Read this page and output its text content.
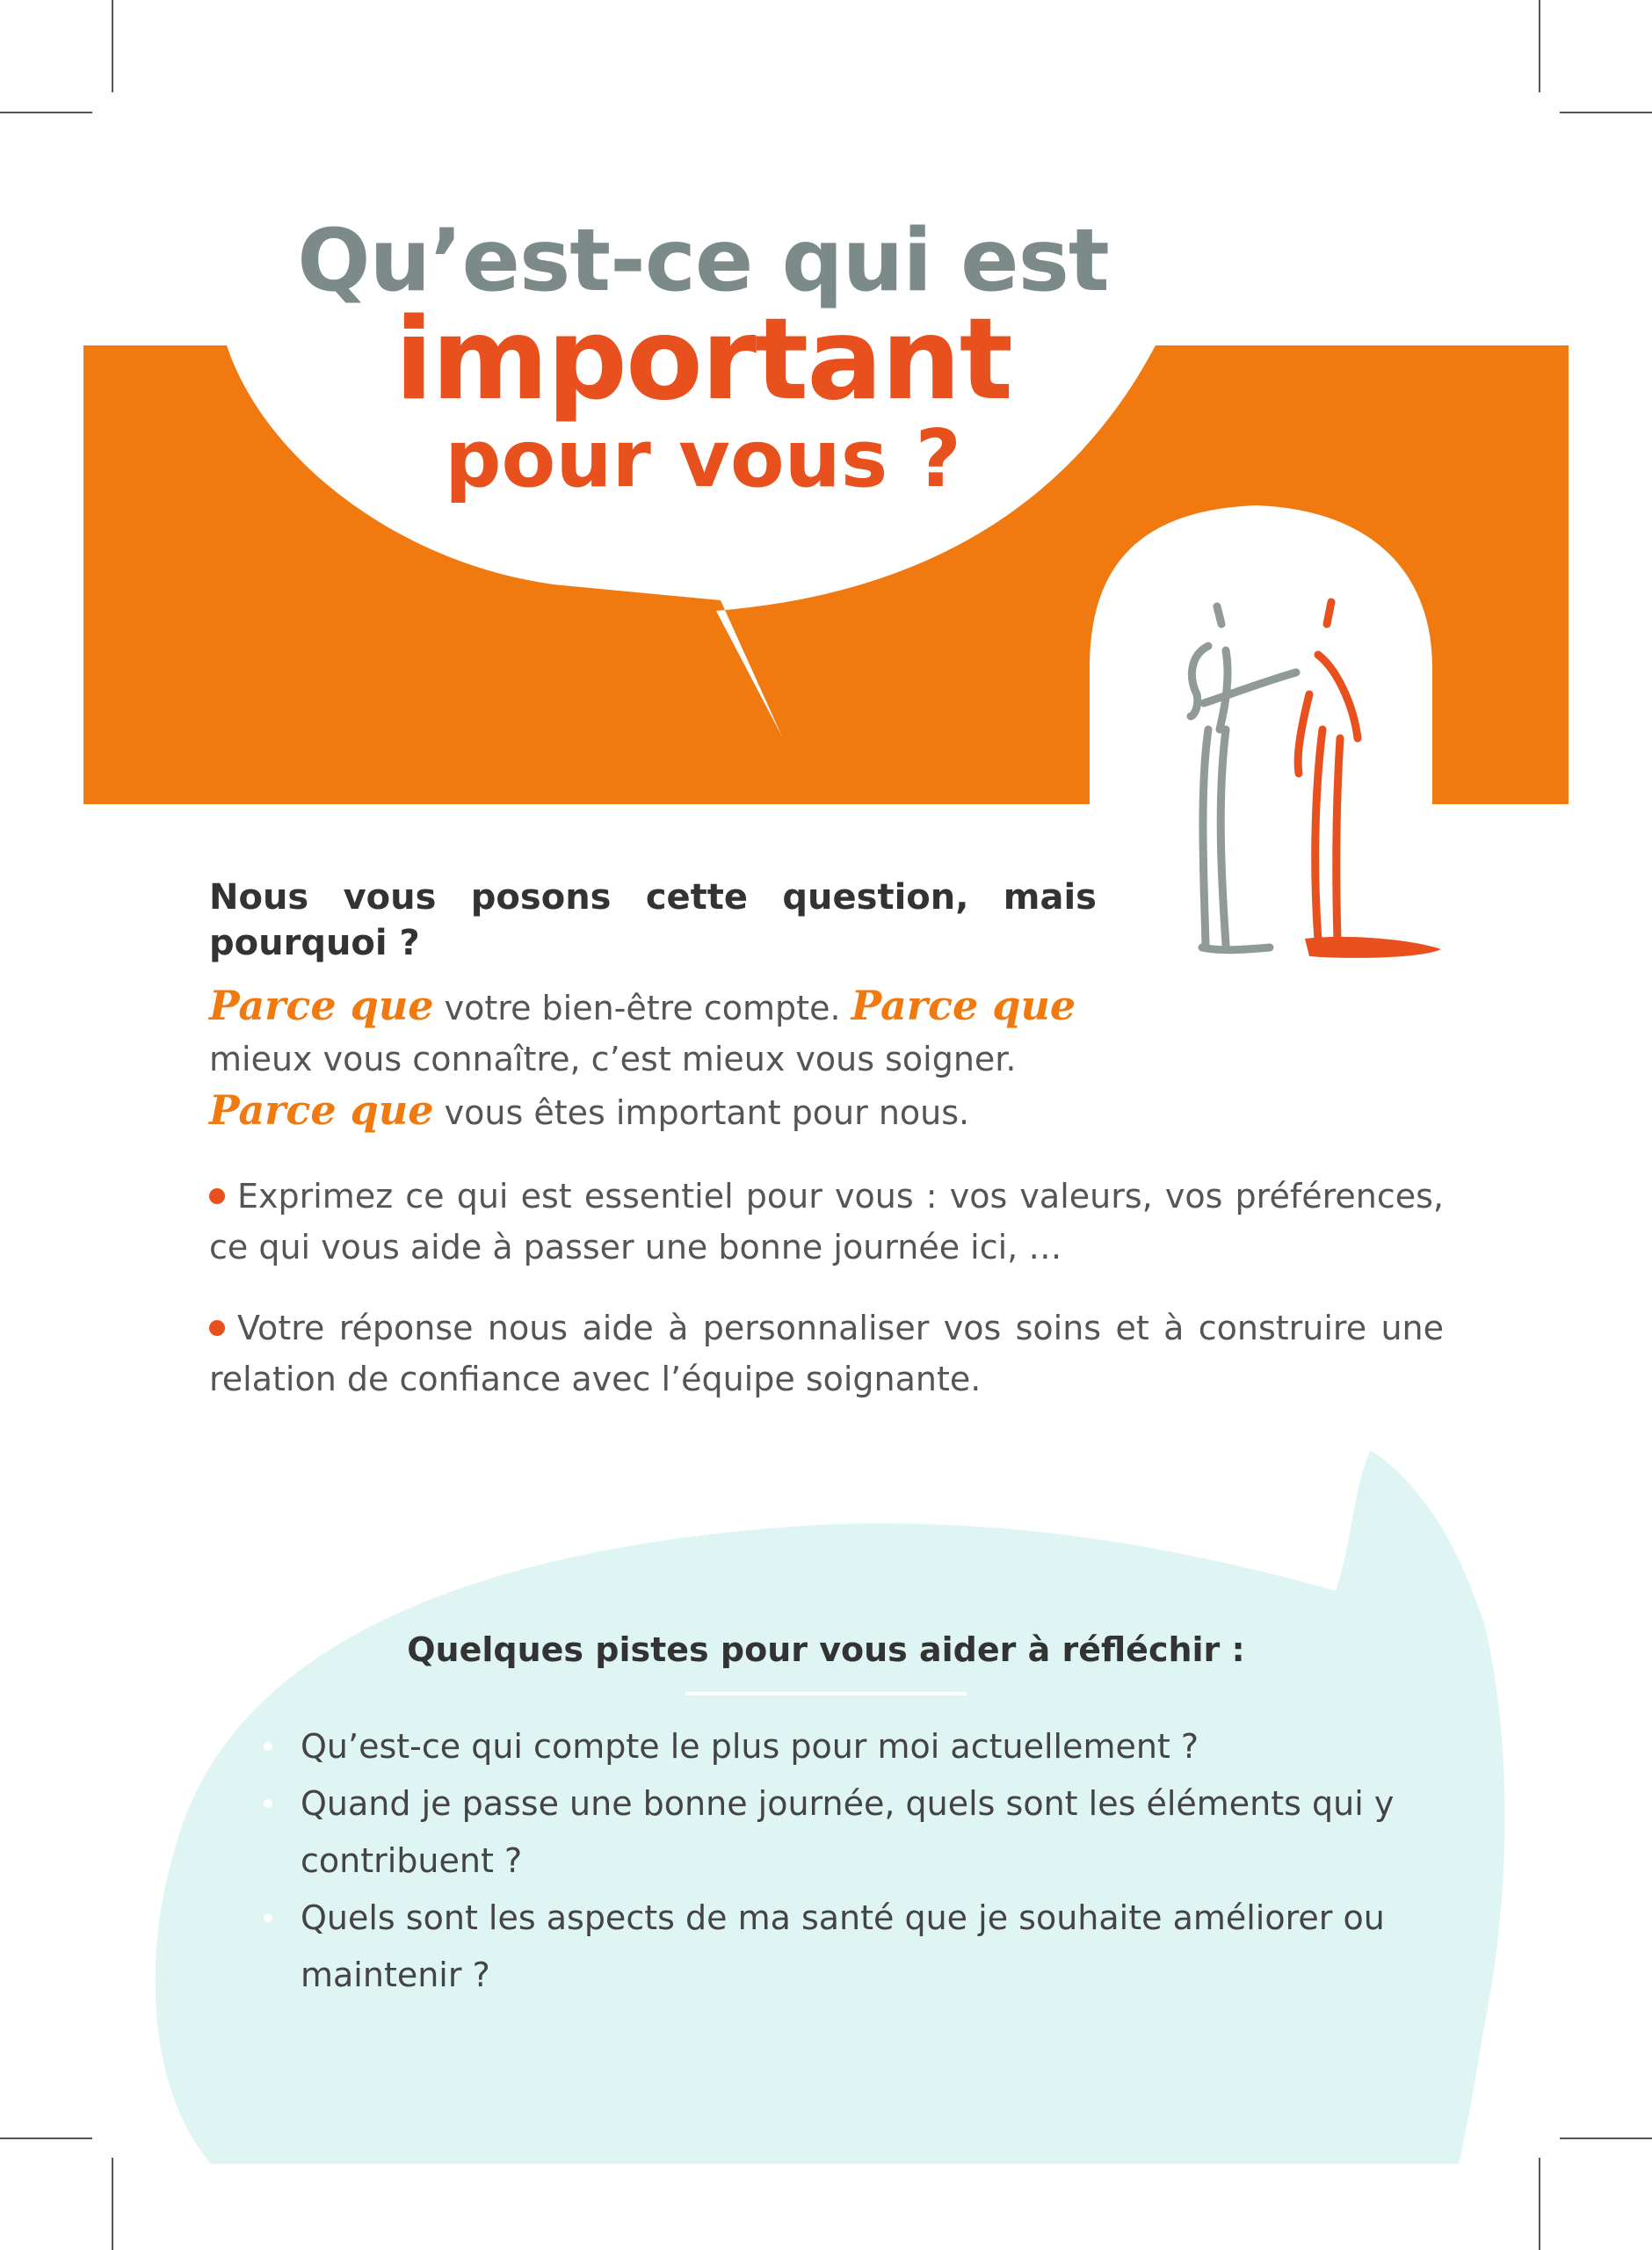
Qu’est-ce qui est
important
pour vous ?
Nous vous posons cette question, mais pourquoi ?
Parce que votre bien-être compte. Parce que
mieux vous connaître, c’est mieux vous soigner.
Parce que vous êtes important pour nous.
Exprimez ce qui est essentiel pour vous : vos valeurs, vos préférences, ce qui vous aide à passer une bonne journée ici, …
Votre réponse nous aide à personnaliser vos soins et à construire une relation de confiance avec l’équipe soignante.
Quelques pistes pour vous aider à réfléchir :
Qu’est-ce qui compte le plus pour moi actuellement ?
Quand je passe une bonne journée, quels sont les éléments qui y contribuent ?
Quels sont les aspects de ma santé que je souhaite améliorer ou maintenir ?
